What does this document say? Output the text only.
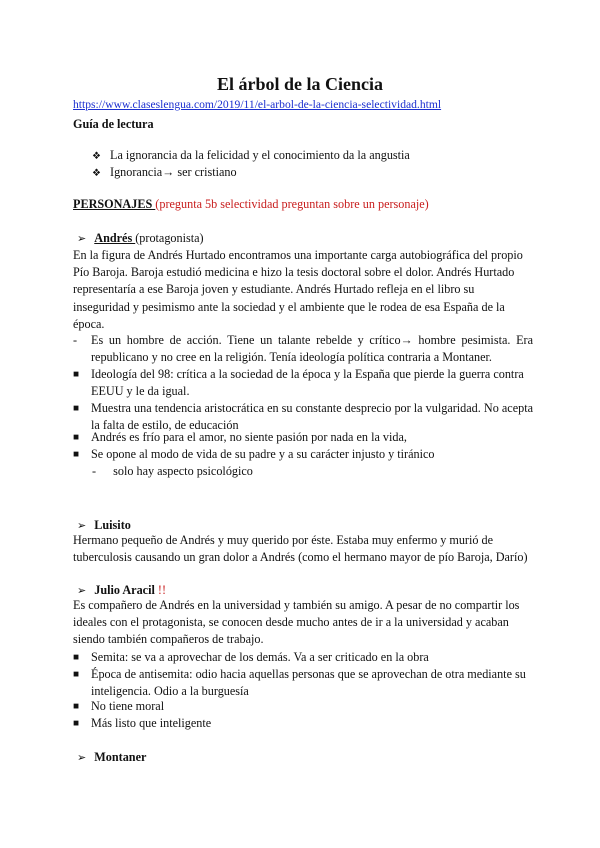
El árbol de la Ciencia
https://www.claseslengua.com/2019/11/el-arbol-de-la-ciencia-selectividad.html
Guía de lectura
❖ La ignorancia da la felicidad y el conocimiento da la angustia
❖ Ignorancia→ ser cristiano
PERSONAJES (pregunta 5b selectividad preguntan sobre un personaje)
➢ Andrés (protagonista)
En la figura de Andrés Hurtado encontramos una importante carga autobiográfica del propio Pío Baroja. Baroja estudió medicina e hizo la tesis doctoral sobre el dolor. Andrés Hurtado representaría a ese Baroja joven y estudiante. Andrés Hurtado refleja en el libro su inseguridad y pesimismo ante la sociedad y el ambiente que le rodea de esa España de la época.
-	Es un hombre de acción. Tiene un talante rebelde y crítico→ hombre pesimista. Era republicano y no cree en la religión. Tenía ideología política contraria a Montaner.
■ Ideología del 98: crítica a la sociedad de la época y la España que pierde la guerra contra EEUU y le da igual.
■ Muestra una tendencia aristocrática en su constante desprecio por la vulgaridad. No acepta la falta de estilo, de educación
■ Andrés es frío para el amor, no siente pasión por nada en la vida,
■ Se opone al modo de vida de su padre y a su carácter injusto y tiránico
- solo hay aspecto psicológico
➢ Luisito
Hermano pequeño de Andrés y muy querido por éste. Estaba muy enfermo y murió de tuberculosis causando un gran dolor a Andrés (como el hermano mayor de pío Baroja, Darío)
➢ Julio Aracil !!
Es compañero de Andrés en la universidad y también su amigo. A pesar de no compartir los ideales con el protagonista, se conocen desde mucho antes de ir a la universidad y acaban siendo también compañeros de trabajo.
■ Semita: se va a aprovechar de los demás. Va a ser criticado en la obra
■ Época de antisemita: odio hacia aquellas personas que se aprovechan de otra mediante su inteligencia. Odio a la burguesía
■ No tiene moral
■ Más listo que inteligente
➢ Montaner
